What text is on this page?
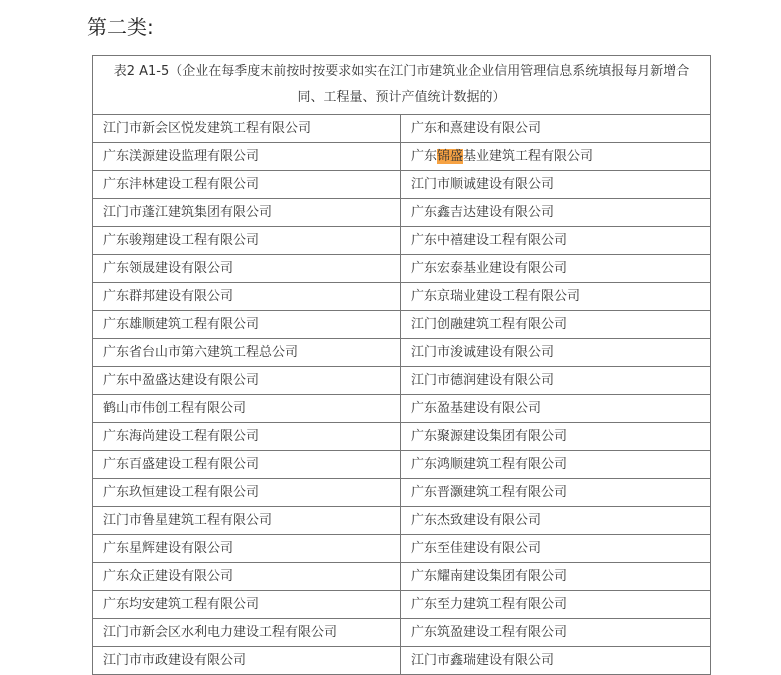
第二类:
表2 A1-5（企业在每季度末前按时按要求如实在江门市建筑业企业信用管理信息系统填报每月新增合同、工程量、预计产值统计数据的）	
江门市新会区悦发建筑工程有限公司	广东和熹建设有限公司
广东渼源建设监理有限公司	广东锦盛基业建筑工程有限公司
广东沣林建设工程有限公司	江门市顺诚建设有限公司
江门市蓬江建筑集团有限公司	广东鑫吉达建设有限公司
广东骏翔建设工程有限公司	广东中禧建设工程有限公司
广东领晟建设有限公司	广东宏泰基业建设有限公司
广东群邦建设有限公司	广东京瑞业建设工程有限公司
广东雄顺建筑工程有限公司	江门创融建筑工程有限公司
广东省台山市第六建筑工程总公司	江门市浚诚建设有限公司
广东中盈盛达建设有限公司	江门市德润建设有限公司
鹤山市伟创工程有限公司	广东盈基建设有限公司
广东海尚建设工程有限公司	广东聚源建设集团有限公司
广东百盛建设工程有限公司	广东鸿顺建筑工程有限公司
广东玖恒建设工程有限公司	广东晋灏建筑工程有限公司
江门市鲁星建筑工程有限公司	广东杰致建设有限公司
广东星辉建设有限公司	广东至佳建设有限公司
广东众正建设有限公司	广东耀南建设集团有限公司
广东均安建筑工程有限公司	广东至力建筑工程有限公司
江门市新会区水利电力建设工程有限公司	广东筑盈建设工程有限公司
江门市市政建设有限公司	江门市鑫瑞建设有限公司
